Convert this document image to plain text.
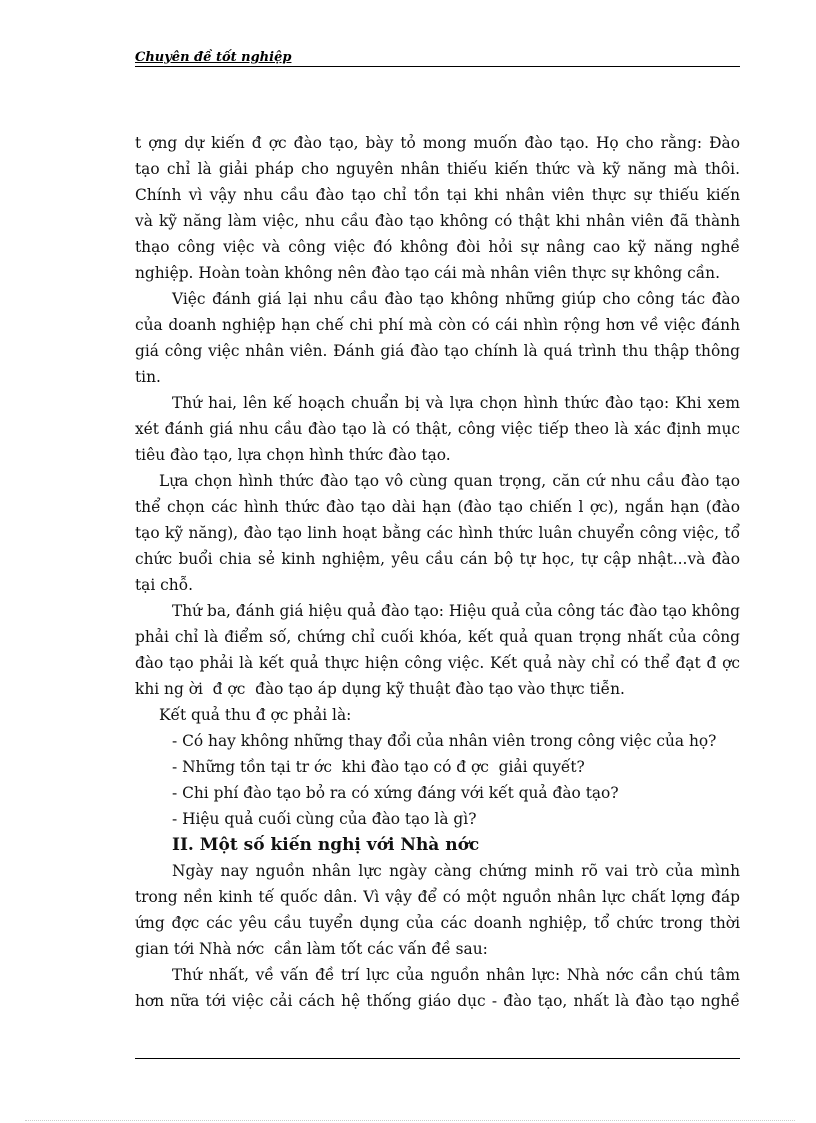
Chuyên đề tốt nghiệp
t ợng dự kiến đ ợc đào tạo, bày tỏ mong muốn đào tạo. Họ cho rằng: Đào
tạo chỉ là giải pháp cho nguyên nhân thiếu kiến thức và kỹ năng mà thôi.
Chính vì vậy nhu cầu đào tạo chỉ tồn tại khi nhân viên thực sự thiếu kiến
và kỹ năng làm việc, nhu cầu đào tạo không có thật khi nhân viên đã thành
thạo công việc và công việc đó không đòi hỏi sự nâng cao kỹ năng nghề
nghiệp. Hoàn toàn không nên đào tạo cái mà nhân viên thực sự không cần.
Việc đánh giá lại nhu cầu đào tạo không những giúp cho công tác đào
của doanh nghiệp hạn chế chi phí mà còn có cái nhìn rộng hơn về việc đánh
giá công việc nhân viên. Đánh giá đào tạo chính là quá trình thu thập thông
tin.
Thứ hai, lên kế hoạch chuẩn bị và lựa chọn hình thức đào tạo: Khi xem
xét đánh giá nhu cầu đào tạo là có thật, công việc tiếp theo là xác định mục
tiêu đào tạo, lựa chọn hình thức đào tạo.
Lựa chọn hình thức đào tạo vô cùng quan trọng, căn cứ nhu cầu đào tạo
thể chọn các hình thức đào tạo dài hạn (đào tạo chiến l ợc), ngắn hạn (đào
tạo kỹ năng), đào tạo linh hoạt bằng các hình thức luân chuyển công việc, tổ
chức buổi chia sẻ kinh nghiệm, yêu cầu cán bộ tự học, tự cập nhật...và đào
tại chỗ.
Thứ ba, đánh giá hiệu quả đào tạo: Hiệu quả của công tác đào tạo không
phải chỉ là điểm số, chứng chỉ cuối khóa, kết quả quan trọng nhất của công
đào tạo phải là kết quả thực hiện công việc. Kết quả này chỉ có thể đạt đ ợc
khi ng ời  đ ợc  đào tạo áp dụng kỹ thuật đào tạo vào thực tiễn.
Kết quả thu đ ợc phải là:
- Có hay không những thay đổi của nhân viên trong công việc của họ?
- Những tồn tại tr ớc  khi đào tạo có đ ợc  giải quyết?
- Chi phí đào tạo bỏ ra có xứng đáng với kết quả đào tạo?
- Hiệu quả cuối cùng của đào tạo là gì?
II. Một số kiến nghị với Nhà nớc
Ngày nay nguồn nhân lực ngày càng chứng minh rõ vai trò của mình
trong nền kinh tế quốc dân. Vì vậy để có một nguồn nhân lực chất lợng đáp
ứng đợc các yêu cầu tuyển dụng của các doanh nghiệp, tổ chức trong thời
gian tới Nhà nớc  cần làm tốt các vấn đề sau:
Thứ nhất, về vấn đề trí lực của nguồn nhân lực: Nhà nớc cần chú tâm
hơn nữa tới việc cải cách hệ thống giáo dục - đào tạo, nhất là đào tạo nghề
